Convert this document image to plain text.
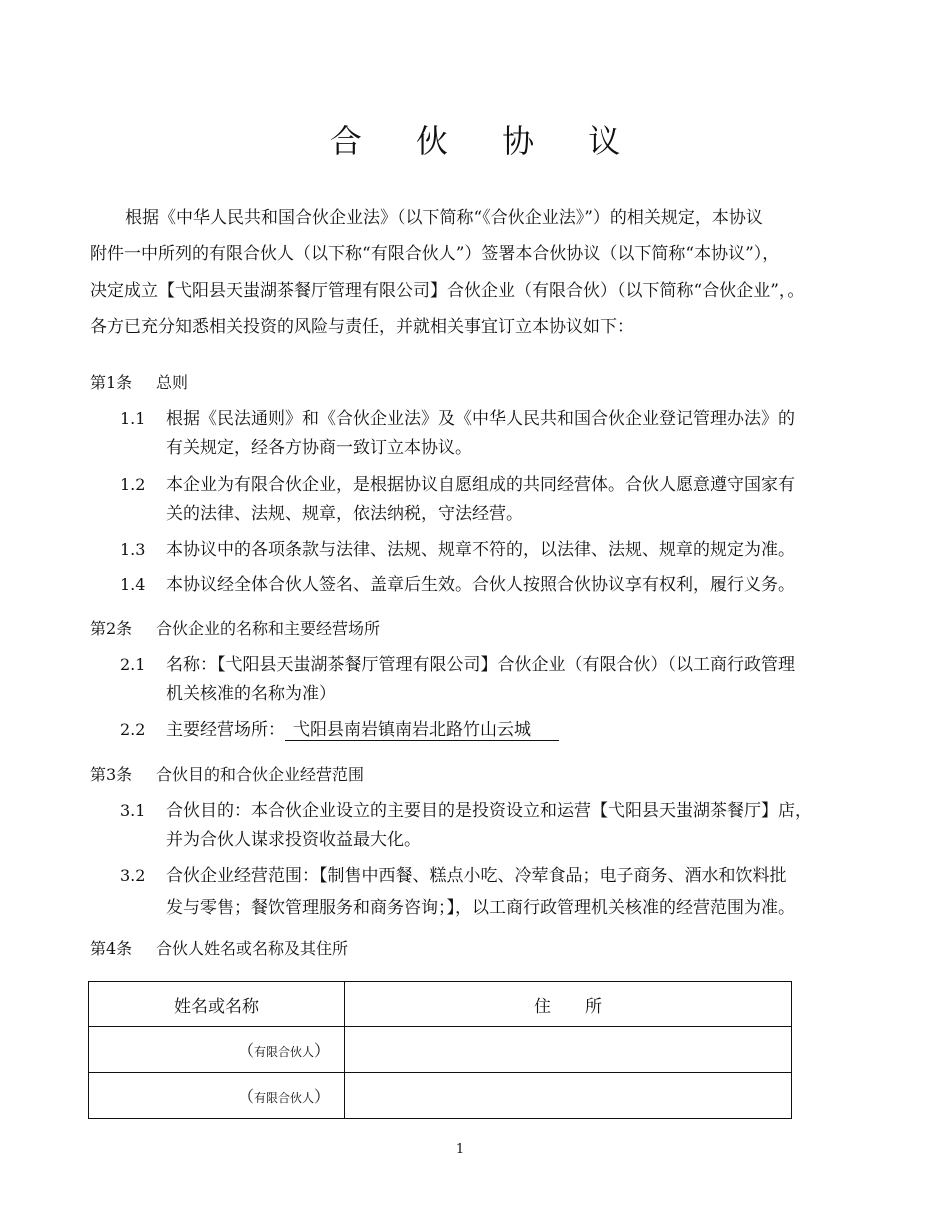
合 伙 协 议
根据《中华人民共和国合伙企业法》（以下简称“《合伙企业法》”）的相关规定，本协议
附件一中所列的有限合伙人（以下称“有限合伙人”）签署本合伙协议（以下简称“本协议”），
决定成立【弋阳县天蚩湖茶餐厅管理有限公司】合伙企业（有限合伙）（以下简称“合伙企业”，。
各方已充分知悉相关投资的风险与责任，并就相关事宜订立本协议如下：
第1条 总则
1.1 根据《民法通则》和《合伙企业法》及《中华人民共和国合伙企业登记管理办法》的
有关规定，经各方协商一致订立本协议。
1.2 本企业为有限合伙企业，是根据协议自愿组成的共同经营体。合伙人愿意遵守国家有
关的法律、法规、规章，依法纳税，守法经营。
1.3 本协议中的各项条款与法律、法规、规章不符的，以法律、法规、规章的规定为准。
1.4 本协议经全体合伙人签名、盖章后生效。合伙人按照合伙协议享有权利，履行义务。
第2条 合伙企业的名称和主要经营场所
2.1 名称：【弋阳县天蚩湖茶餐厅管理有限公司】合伙企业（有限合伙）（以工商行政管理
机关核准的名称为准）
2.2 主要经营场所： 弋阳县南岩镇南岩北路竹山云城
第3条 合伙目的和合伙企业经营范围
3.1 合伙目的：本合伙企业设立的主要目的是投资设立和运营【弋阳县天蚩湖茶餐厅】店，
并为合伙人谋求投资收益最大化。
3.2 合伙企业经营范围：【制售中西餐、糕点小吃、冷荤食品；电子商务、酒水和饮料批
发与零售；餐饮管理服务和商务咨询；】，以工商行政管理机关核准的经营范围为准。
第4条 合伙人姓名或名称及其住所
姓名或名称	住　　所
（有限合伙人）	
（有限合伙人）	
1
